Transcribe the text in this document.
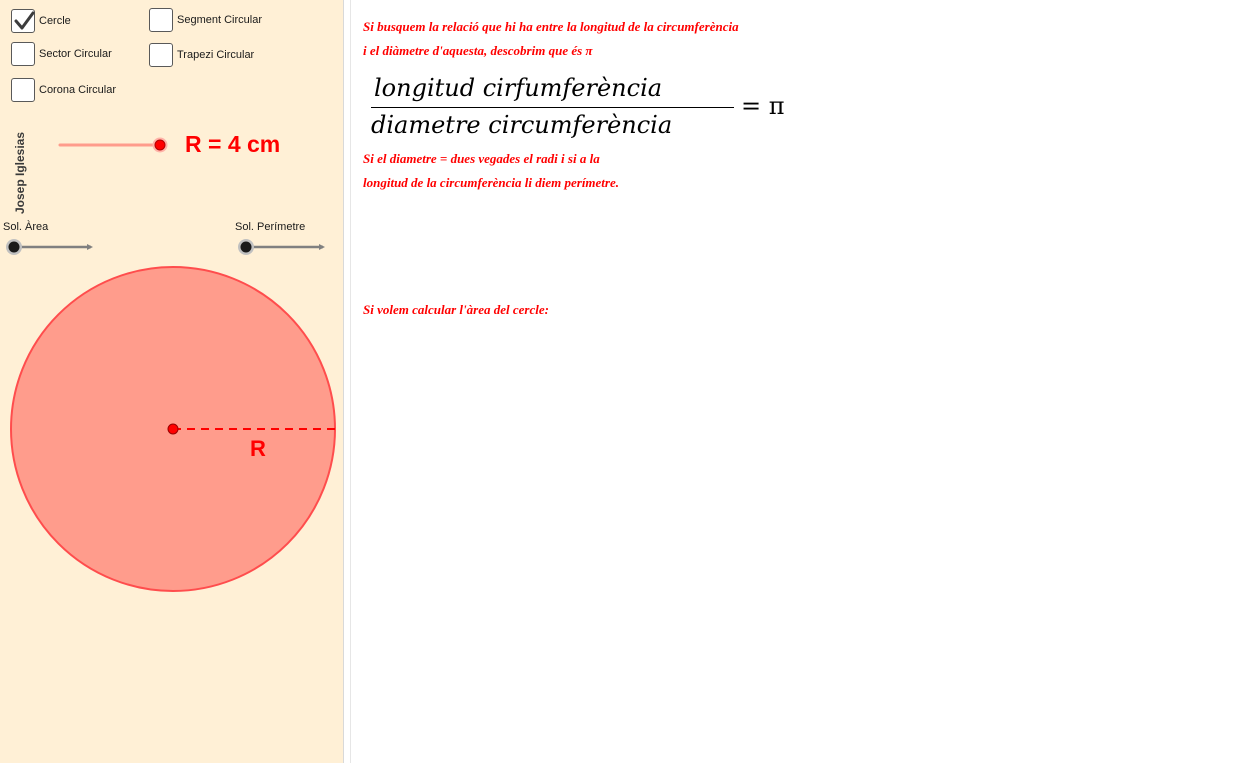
Cercle	Segment Circular
Sector Circular	Trapezi Circular
Corona Circular
Josep Iglesias	R = 4 cm
Sol. Àrea	Sol. Perímetre
R
Si busquem la relació que hi ha entre la longitud de la circumferència
i el diàmetre d'aquesta, descobrim que és π
longitud cirfumferència
diametre circumferència
= π
Si el diametre = dues vegades el radi i si a la
longitud de la circumferència li diem perímetre.
Si volem calcular l'àrea del cercle:
